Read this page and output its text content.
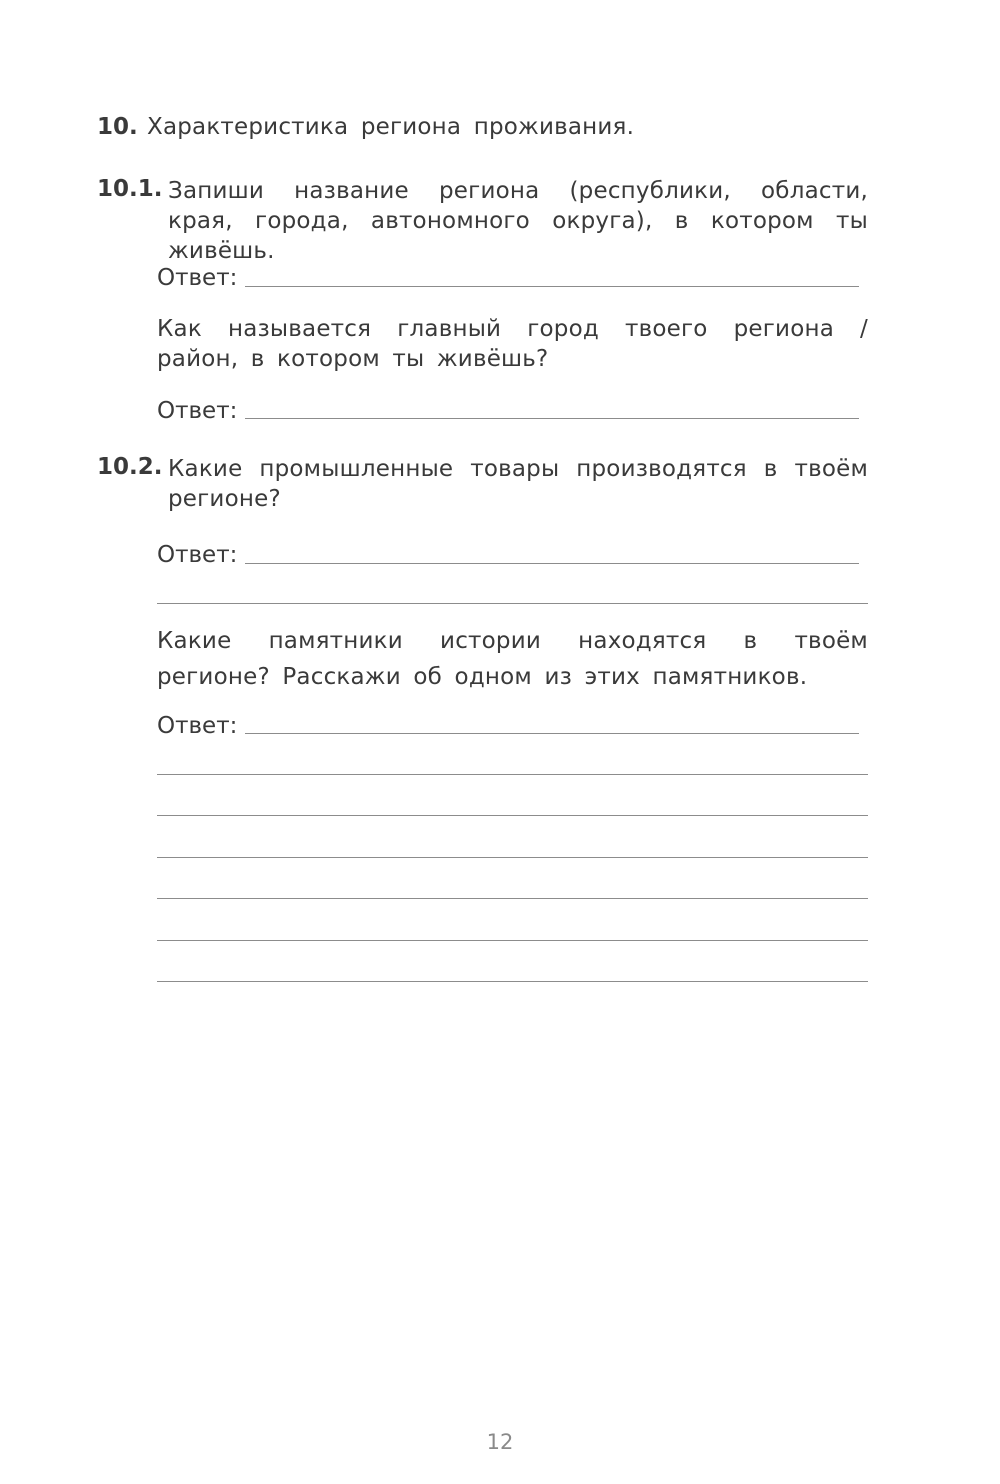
10. Характеристика региона проживания.
10.1. Запиши название региона (республики, области, края, города, автономного округа), в котором ты живёшь.
Ответ:
Как называется главный город твоего региона / район, в котором ты живёшь?
Ответ:
10.2. Какие промышленные товары производятся в твоём регионе?
Ответ:
Какие памятники истории находятся в твоём регионе? Расскажи об одном из этих памятников.
Ответ:
12
